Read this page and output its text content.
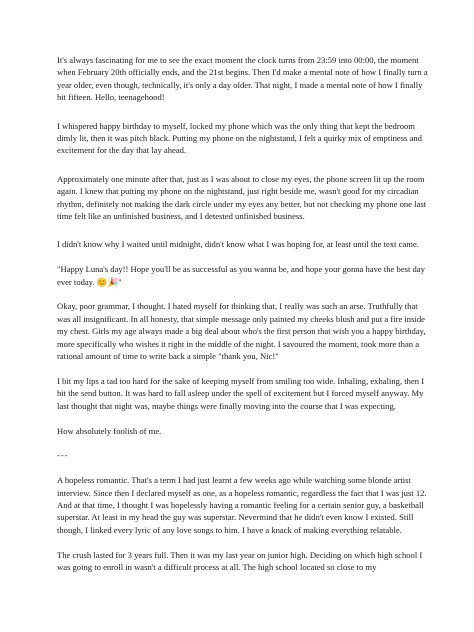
It's always fascinating for me to see the exact moment the clock turns from 23:59 into 00:00, the moment when February 20th officially ends, and the 21st begins. Then I'd make a mental note of how I finally turn a year older, even though, technically, it's only a day older. That night, I made a mental note of how I finally hit fifteen. Hello, teenagehood!

I whispered happy birthday to myself, locked my phone which was the only thing that kept the bedroom dimly lit, then it was pitch black. Putting my phone on the nightstand, I felt a quirky mix of emptiness and excitement for the day that lay ahead.

Approximately one minute after that, just as I was about to close my eyes, the phone screen lit up the room again. I knew that putting my phone on the nightstand, just right beside me, wasn't good for my circadian rhythm, definitely not making the dark circle under my eyes any better, but not checking my phone one last time felt like an unfinished business, and I detested unfinished business.

I didn't know why I waited until midnight, didn't know what I was hoping for, at least until the text came.

"Happy Luna's day!! Hope you'll be as successful as you wanna be, and hope your gonna have the best day ever today. 😊🎉"

Okay, poor grammar, I thought. I hated myself for thinking that, I really was such an arse. Truthfully that was all insignificant. In all honesty, that simple message only painted my cheeks blush and put a fire inside my chest. Girls my age always made a big deal about who's the first person that wish you a happy birthday, more specifically who wishes it right in the middle of the night. I savoured the moment, took more than a rational amount of time to write back a simple "thank you, Nic!"

I bit my lips a tad too hard for the sake of keeping myself from smiling too wide. Inhaling, exhaling, then I hit the send button. It was hard to fall asleep under the spell of excitement but I forced myself anyway. My last thought that night was, maybe things were finally moving into the course that I was expecting.

How absolutely foolish of me.

---

A hopeless romantic. That's a term I had just learnt a few weeks ago while watching some blonde artist interview. Since then I declared myself as one, as a hopeless romantic, regardless the fact that I was just 12. And at that time, I thought I was hopelessly having a romantic feeling for a certain senior guy, a basketball superstar. At least in my head the guy was superstar. Nevermind that he didn't even know I existed. Still though, I linked every lyric of any love songs to him. I have a knack of making everything relatable.

The crush lasted for 3 years full. Then it was my last year on junior high. Deciding on which high school I was going to enroll in wasn't a difficult process at all. The high school located so close to my
